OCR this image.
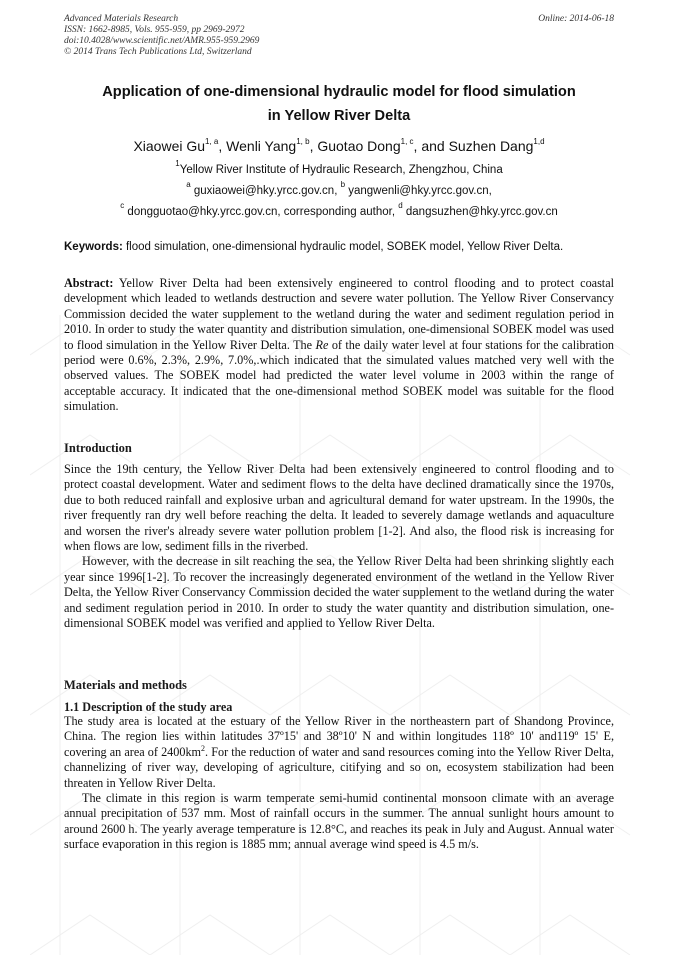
Advanced Materials Research
ISSN: 1662-8985, Vols. 955-959, pp 2969-2972
doi:10.4028/www.scientific.net/AMR.955-959.2969
© 2014 Trans Tech Publications Ltd, Switzerland
Online: 2014-06-18
Application of one-dimensional hydraulic model for flood simulation
in Yellow River Delta
Xiaowei Gu$^{1, a}$, Wenli Yang$^{1, b}$, Guotao Dong$^{1, c}$, and Suzhen Dang$^{1,d}$
$^1$Yellow River Institute of Hydraulic Research, Zhengzhou, China
$^a$ guxiaowei@hky.yrcc.gov.cn, $^b$ yangwenli@hky.yrcc.gov.cn,
$^c$ dongguotao@hky.yrcc.gov.cn, corresponding author, $^d$ dangsuzhen@hky.yrcc.gov.cn
Keywords: flood simulation, one-dimensional hydraulic model, SOBEK model, Yellow River Delta.
Abstract: Yellow River Delta had been extensively engineered to control flooding and to protect coastal development which leaded to wetlands destruction and severe water pollution. The Yellow River Conservancy Commission decided the water supplement to the wetland during the water and sediment regulation period in 2010. In order to study the water quantity and distribution simulation, one-dimensional SOBEK model was used to flood simulation in the Yellow River Delta. The Re of the daily water level at four stations for the calibration period were 0.6%, 2.3%, 2.9%, 7.0%,.which indicated that the simulated values matched very well with the observed values. The SOBEK model had predicted the water level volume in 2003 within the range of acceptable accuracy. It indicated that the one-dimensional method SOBEK model was suitable for the flood simulation.
Introduction

Since the 19th century, the Yellow River Delta had been extensively engineered to control flooding and to protect coastal development. Water and sediment flows to the delta have declined dramatically since the 1970s, due to both reduced rainfall and explosive urban and agricultural demand for water upstream. In the 1990s, the river frequently ran dry well before reaching the delta. It leaded to severely damage wetlands and aquaculture and worsen the river's already severe water pollution problem [1-2]. And also, the flood risk is increasing for when flows are low, sediment fills in the riverbed.

However, with the decrease in silt reaching the sea, the Yellow River Delta had been shrinking slightly each year since 1996[1-2]. To recover the increasingly degenerated environment of the wetland in the Yellow River Delta, the Yellow River Conservancy Commission decided the water supplement to the wetland during the water and sediment regulation period in 2010. In order to study the water quantity and distribution simulation, one-dimensional SOBEK model was verified and applied to Yellow River Delta.

Materials and methods
1.1 Description of the study area

The study area is located at the estuary of the Yellow River in the northeastern part of Shandong Province, China. The region lies within latitudes 37º15' and 38º10' N and within longitudes 118º 10' and119º 15' E, covering an area of $2400km^2$. For the reduction of water and sand resources coming into the Yellow River Delta, channelizing of river way, developing of agriculture, citifying and so on, ecosystem stabilization had been threaten in Yellow River Delta.

The climate in this region is warm temperate semi-humid continental monsoon climate with an average annual precipitation of 537 mm. Most of rainfall occurs in the summer. The annual sunlight hours amount to around 2600 h. The yearly average temperature is 12.8°C, and reaches its peak in July and August. Annual water surface evaporation in this region is 1885 mm; annual average wind speed is 4.5 m/s.
